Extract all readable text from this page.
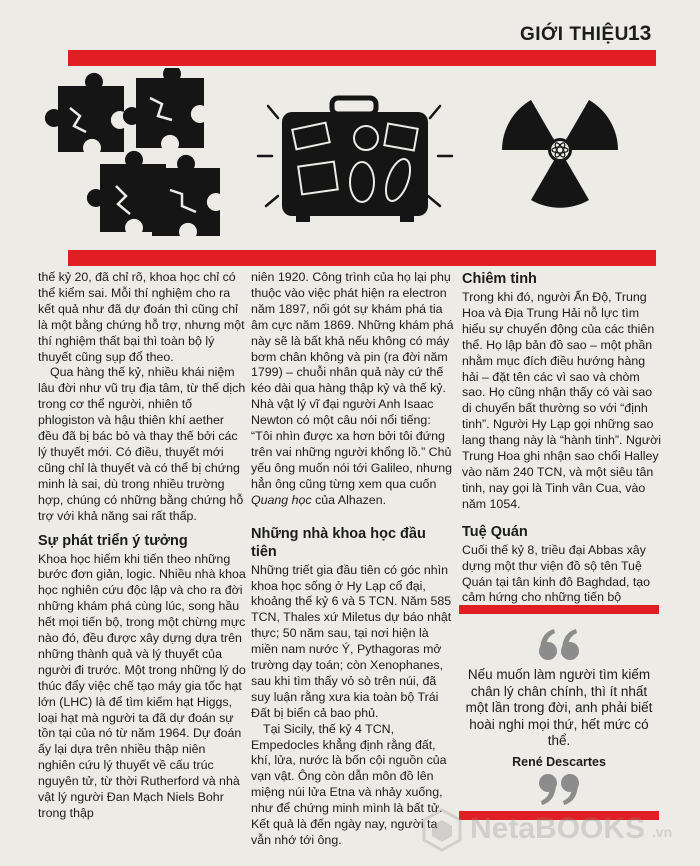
GIỚI THIỆU 13

thế kỷ 20, đã chỉ rõ, khoa học chỉ có thể kiểm sai. Mỗi thí nghiệm cho ra kết quả như đã dự đoán thì cũng chỉ là một bằng chứng hỗ trợ, nhưng một thí nghiệm thất bại thì toàn bộ lý thuyết cũng sụp đổ theo.

Qua hàng thế kỷ, nhiều khái niệm lâu đời như vũ trụ địa tâm, từ thế dịch trong cơ thể người, nhiên tố phlogiston và hậu thiên khí aether đều đã bị bác bỏ và thay thế bởi các lý thuyết mới. Có điều, thuyết mới cũng chỉ là thuyết và có thể bị chứng minh là sai, dù trong nhiều trường hợp, chúng có những bằng chứng hỗ trợ với khả năng sai rất thấp.

Sự phát triển ý tưởng

Khoa học hiếm khi tiến theo những bước đơn giản, logic. Nhiều nhà khoa học nghiên cứu độc lập và cho ra đời những khám phá cùng lúc, song hầu hết mọi tiến bộ, trong một chừng mực nào đó, đều được xây dựng dựa trên những thành quả và lý thuyết của người đi trước. Một trong những lý do thúc đẩy việc chế tạo máy gia tốc hạt lớn (LHC) là để tìm kiếm hạt Higgs, loại hạt mà người ta đã dự đoán sự tồn tại của nó từ năm 1964. Dự đoán ấy lại dựa trên nhiều thập niên nghiên cứu lý thuyết về cấu trúc nguyên tử, từ thời Rutherford và nhà vật lý người Đan Mạch Niels Bohr trong thập

niên 1920. Công trình của họ lại phụ thuộc vào việc phát hiện ra electron năm 1897, nối gót sự khám phá tia âm cực năm 1869. Những khám phá này sẽ là bất khả nếu không có máy bơm chân không và pin (ra đời năm 1799) – chuỗi nhân quả này cứ thế kéo dài qua hàng thập kỷ và thế kỷ. Nhà vật lý vĩ đại người Anh Isaac Newton có một câu nói nổi tiếng: “Tôi nhìn được xa hơn bởi tôi đứng trên vai những người khổng lồ.” Chủ yếu ông muốn nói tới Galileo, nhưng hẳn ông cũng từng xem qua cuốn Quang học của Alhazen.

Những nhà khoa học đầu tiên

Những triết gia đầu tiên có góc nhìn khoa học sống ở Hy Lạp cổ đại, khoảng thế kỷ 6 và 5 TCN. Năm 585 TCN, Thales xứ Miletus dự báo nhật thực; 50 năm sau, tại nơi hiện là miền nam nước Ý, Pythagoras mở trường dạy toán; còn Xenophanes, sau khi tìm thấy vỏ sò trên núi, đã suy luận rằng xưa kia toàn bộ Trái Đất bị biển cả bao phủ.

Tại Sicily, thế kỷ 4 TCN, Empedocles khẳng định rằng đất, khí, lửa, nước là bốn cội nguồn của vạn vật. Ông còn dẫn môn đồ lên miệng núi lửa Etna và nhảy xuống, như để chứng minh mình là bất tử. Kết quả là đến ngày nay, người ta vẫn nhớ tới ông.

Chiêm tinh

Trong khi đó, người Ấn Độ, Trung Hoa và Địa Trung Hải nỗ lực tìm hiểu sự chuyển động của các thiên thể. Họ lập bản đồ sao – một phần nhằm mục đích điều hướng hàng hải – đặt tên các vì sao và chòm sao. Họ cũng nhận thấy có vài sao di chuyển bất thường so với “định tinh”. Người Hy Lạp gọi những sao lang thang này là “hành tinh”. Người Trung Hoa ghi nhận sao chổi Halley vào năm 240 TCN, và một siêu tân tinh, nay gọi là Tinh vân Cua, vào năm 1054.

Tuệ Quán

Cuối thế kỷ 8, triều đại Abbas xây dựng một thư viện đồ sộ tên Tuệ Quán tại tân kinh đô Baghdad, tạo cảm hứng cho những tiến bộ

Nếu muốn làm người tìm kiếm chân lý chân chính, thì ít nhất một lần trong đời, anh phải biết hoài nghi mọi thứ, hết mức có thể.
René Descartes
NetaBOOKS .vn
